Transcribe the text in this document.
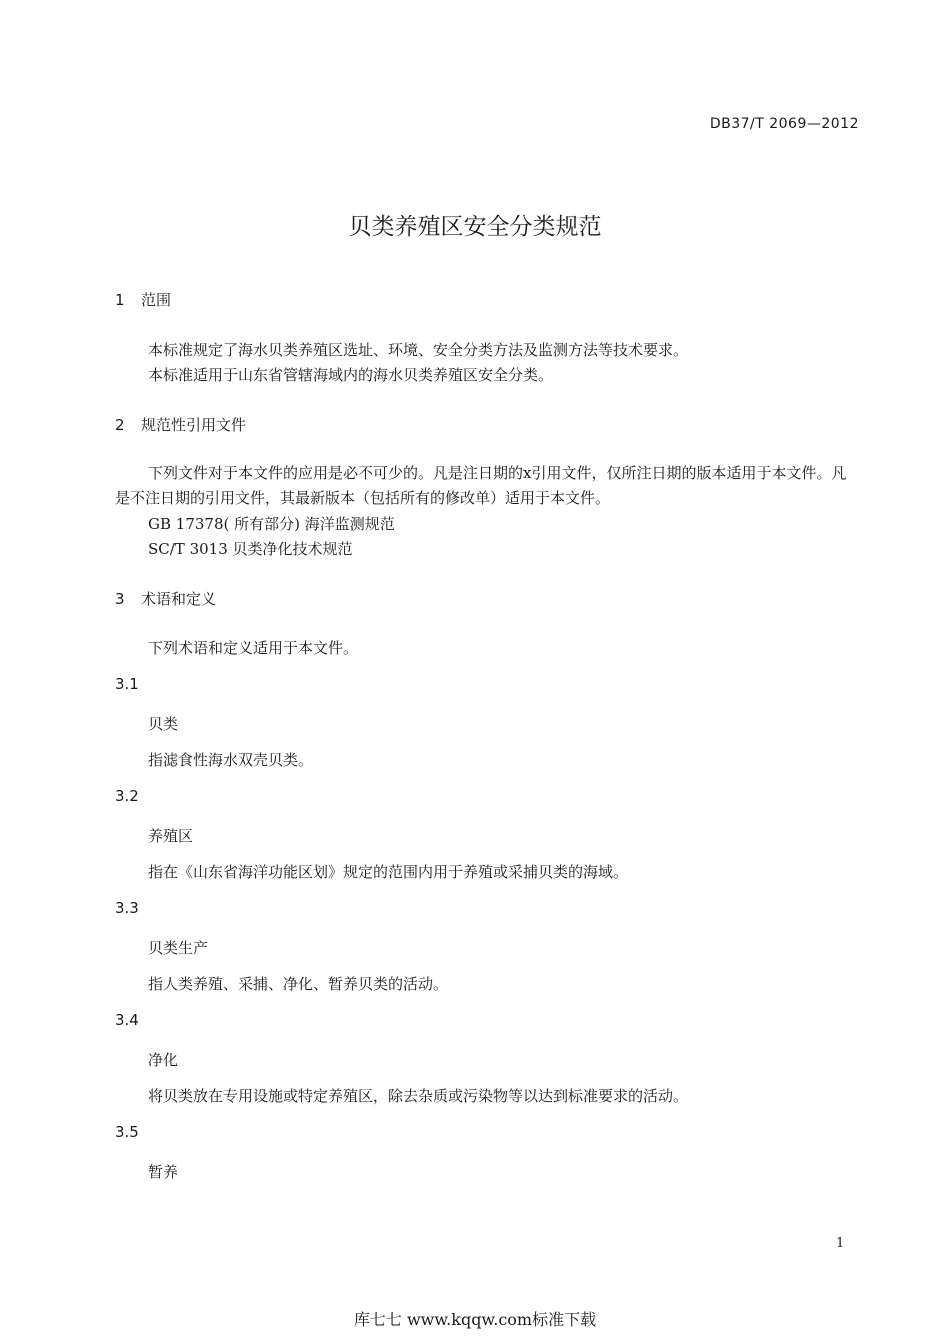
DB37/T 2069—2012
贝类养殖区安全分类规范
1 范围
本标准规定了海水贝类养殖区选址、环境、安全分类方法及监测方法等技术要求。
本标准适用于山东省管辖海域内的海水贝类养殖区安全分类。
2 规范性引用文件
下列文件对于本文件的应用是必不可少的。凡是注日期的x引用文件，仅所注日期的版本适用于本文件。凡是不注日期的引用文件，其最新版本（包括所有的修改单）适用于本文件。
GB 17378( 所有部分) 海洋监测规范
SC/T 3013 贝类净化技术规范
3 术语和定义
下列术语和定义适用于本文件。
3.1
贝类
指滤食性海水双壳贝类。
3.2
养殖区
指在《山东省海洋功能区划》规定的范围内用于养殖或采捕贝类的海域。
3.3
贝类生产
指人类养殖、采捕、净化、暂养贝类的活动。
3.4
净化
将贝类放在专用设施或特定养殖区，除去杂质或污染物等以达到标准要求的活动。
3.5
暂养
1
库七七 www.kqqw.com标准下载
